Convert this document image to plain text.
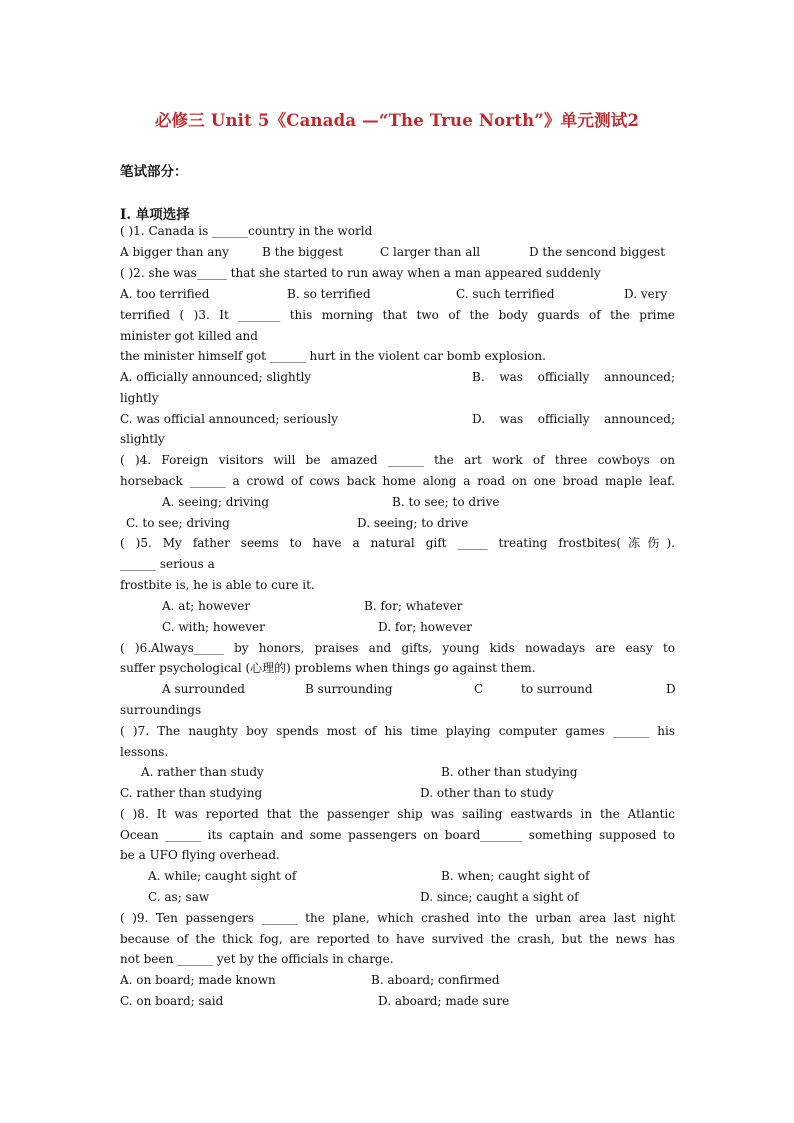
必修三 Unit 5《Canada —“The True North”》单元测试2
笔试部分：
I. 单项选择
( )1. Canada is ______country in the world
A bigger than any	B the biggest	C larger than all	D the sencond biggest
( )2. she was_____ that she started to run away when a man appeared suddenly
A. too terrified	B. so terrified	C. such terrified	D. very
terrified ( )3. It _______ this morning that two of the body guards of the prime
minister got killed and
the minister himself got ______ hurt in the violent car bomb explosion.
A. officially announced; slightly	B. was officially announced;
lightly
C. was official announced; seriously	D. was officially announced;
slightly
( )4. Foreign visitors will be amazed ______ the art work of three cowboys on
horseback ______ a crowd of cows back home along a road on one broad maple leaf.
A. seeing; driving	B. to see; to drive
C. to see; driving	D. seeing; to drive
( )5. My father seems to have a natural gift _____ treating frostbites(冻伤).
______ serious a
frostbite is, he is able to cure it.
A. at; however	B. for; whatever
C. with; however	D. for; however
( )6.Always_____ by honors, praises and gifts, young kids nowadays are easy to
suffer psychological (心理的) problems when things go against them.
A surrounded	B surrounding	C	to surround	D
surroundings
( )7. The naughty boy spends most of his time playing computer games ______ his
lessons.
A. rather than study	B. other than studying
C. rather than studying	D. other than to study
( )8. It was reported that the passenger ship was sailing eastwards in the Atlantic
Ocean ______ its captain and some passengers on board_______ something supposed to
be a UFO flying overhead.
A. while; caught sight of	B. when; caught sight of
C. as; saw	D. since; caught a sight of
( )9. Ten passengers ______ the plane, which crashed into the urban area last night
because of the thick fog, are reported to have survived the crash, but the news has
not been ______ yet by the officials in charge.
A. on board; made known	B. aboard; confirmed
C. on board; said	D. aboard; made sure
